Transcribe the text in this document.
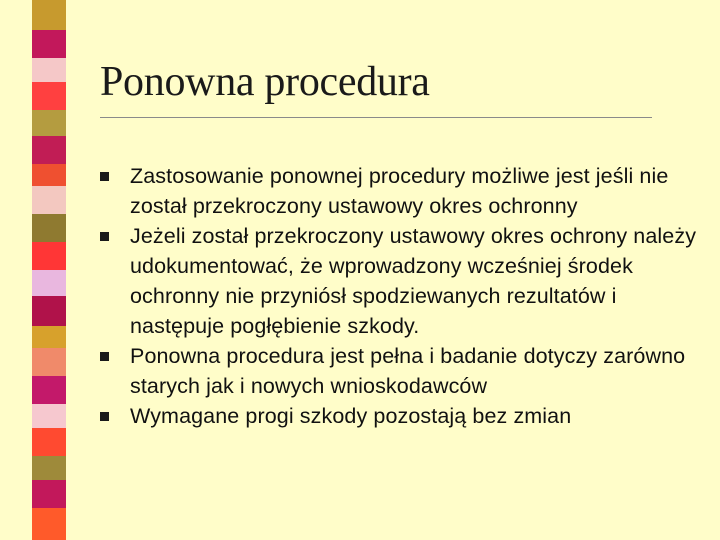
Ponowna procedura
Zastosowanie ponownej procedury możliwe jest jeśli nie został przekroczony ustawowy okres ochronny
Jeżeli został przekroczony ustawowy okres ochrony należy udokumentować, że wprowadzony wcześniej środek ochronny nie przyniósł spodziewanych rezultatów i następuje pogłębienie szkody.
Ponowna procedura jest pełna i badanie dotyczy zarówno starych jak i nowych wnioskodawców
Wymagane progi szkody pozostają bez zmian
